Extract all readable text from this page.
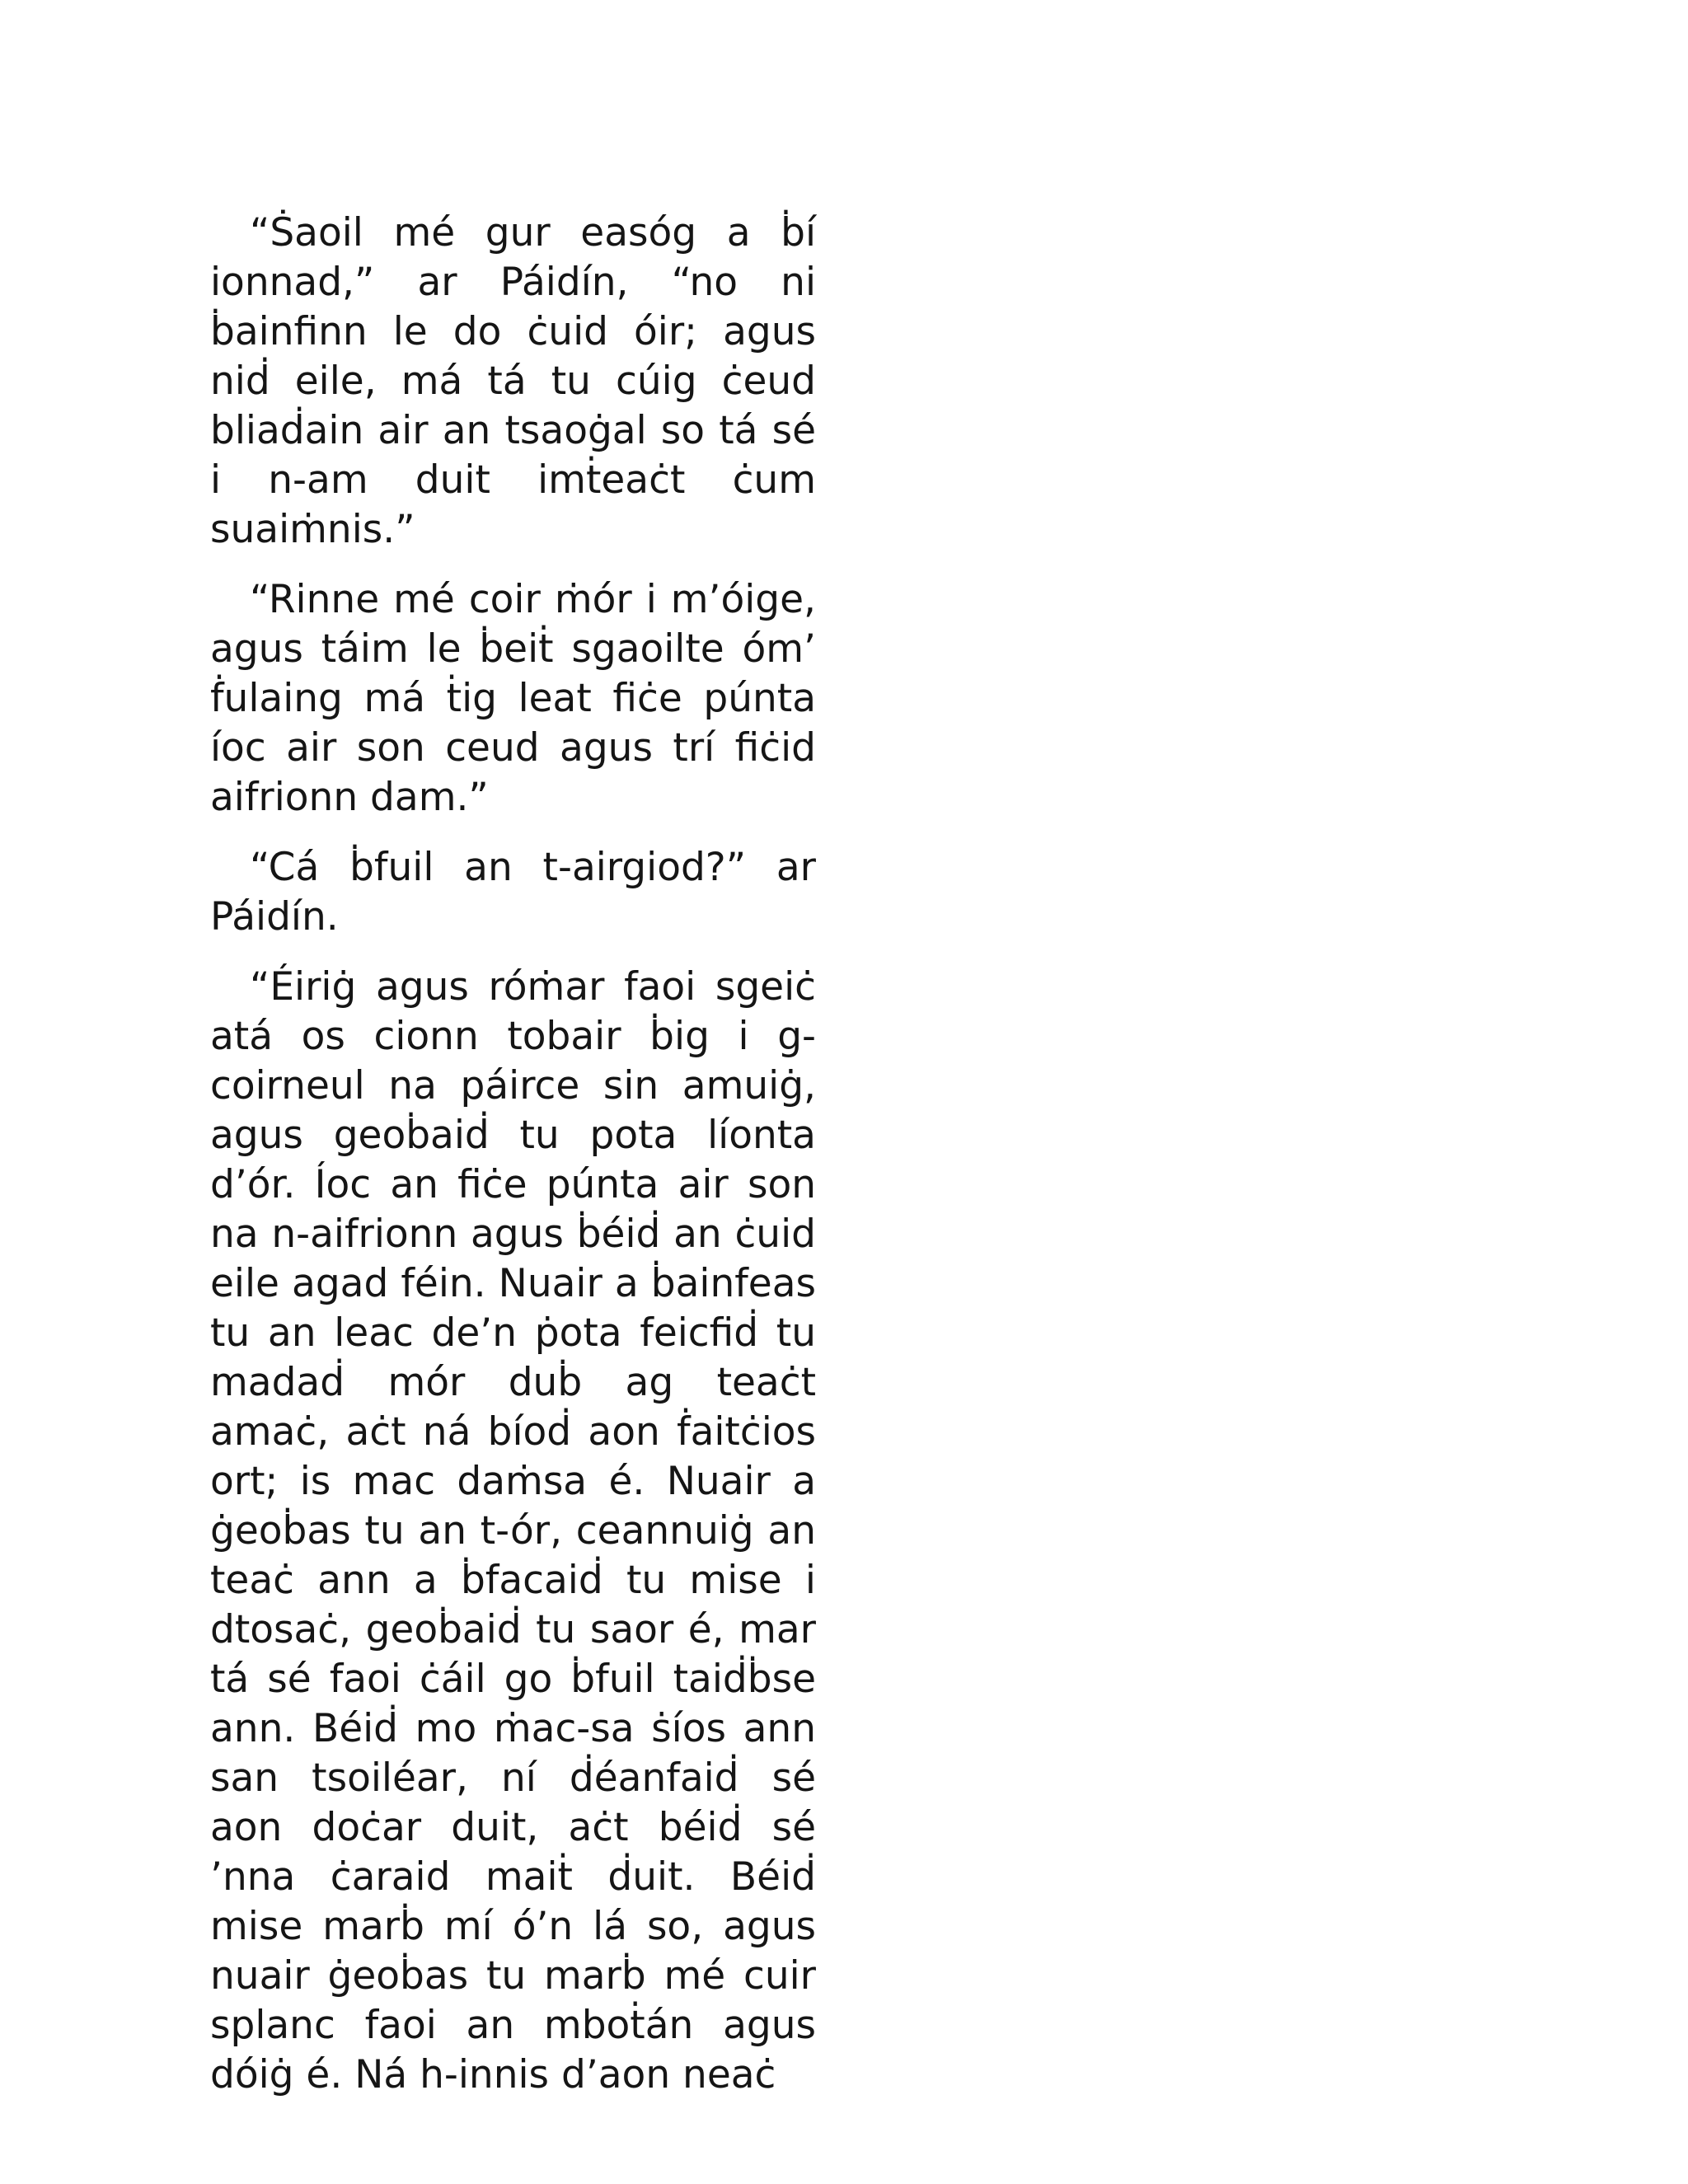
“Ṡaoil mé gur easóg a ḃí ionnad,” ar Páidín, “no ni ḃainfinn le do ċuid óir; agus niḋ eile, má tá tu cúig ċeud bliaḋain air an tsaoġal so tá sé i n-am duit imṫeaċt ċum suaiṁnis.”

“Rinne mé coir ṁór i m’óige, agus táim le ḃeiṫ sgaoilte óm’ ḟulaing má ṫig leat fiċe púnta íoc air son ceud agus trí fiċid aifrionn dam.”

“Cá ḃfuil an t-airgiod?” ar Páidín.

“Éiriġ agus róṁar faoi sgeiċ atá os cionn tobair ḃig i g-coirneul na páirce sin amuiġ, agus geoḃaiḋ tu pota líonta d’ór. Íoc an fiċe púnta air son na n-aifrionn agus ḃéiḋ an ċuid eile agad féin. Nuair a ḃainfeas tu an leac de’n ṗota feicfiḋ tu madaḋ mór duḃ ag teaċt amaċ, aċt ná bíoḋ aon ḟaitċios ort; is mac daṁsa é. Nuair a ġeoḃas tu an t-ór, ceannuiġ an teaċ ann a ḃfacaiḋ tu mise i dtosaċ, geoḃaiḋ tu saor é, mar tá sé faoi ċáil go ḃfuil taiḋḃse ann. Béiḋ mo ṁac-sa ṡíos ann san tsoiléar, ní ḋéanfaiḋ sé aon doċar duit, aċt béiḋ sé ’nna ċaraid maiṫ ḋuit. Béiḋ mise marḃ mí ó’n lá so, agus nuair ġeoḃas tu marḃ mé cuir splanc faoi an mboṫán agus dóiġ é. Ná h-innis d’aon neaċ
